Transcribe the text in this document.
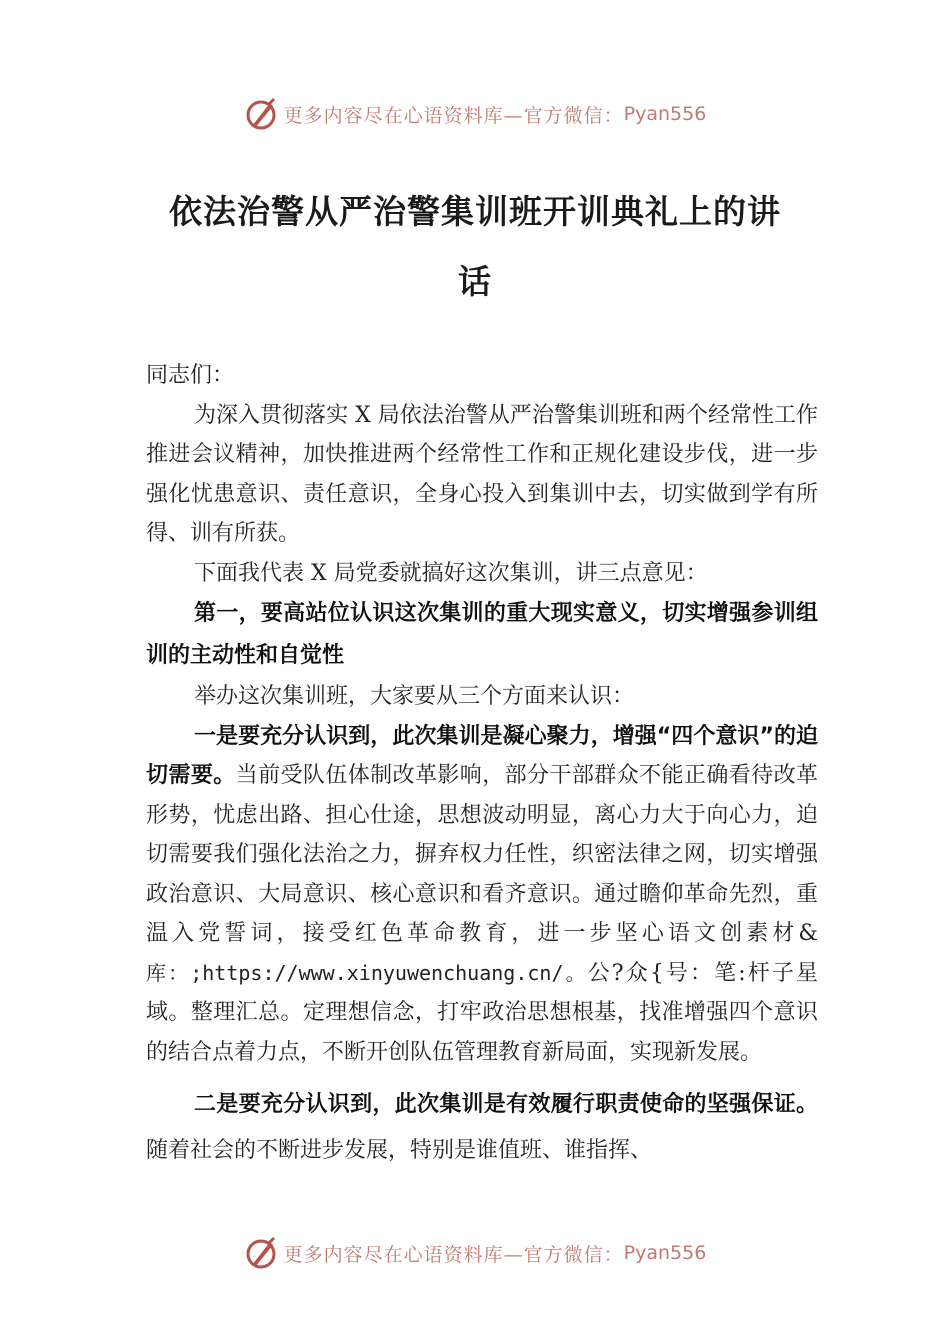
更多内容尽在心语资料库—官方微信： Pyan556
依法治警从严治警集训班开训典礼上的讲
话

同志们：

为深入贯彻落实 X 局依法治警从严治警集训班和两个经常性工作推进会议精神，加快推进两个经常性工作和正规化建设步伐，进一步强化忧患意识、责任意识，全身心投入到集训中去，切实做到学有所得、训有所获。

下面我代表 X 局党委就搞好这次集训，讲三点意见：

第一，要高站位认识这次集训的重大现实意义，切实增强参训组训的主动性和自觉性

举办这次集训班，大家要从三个方面来认识：

一是要充分认识到，此次集训是凝心聚力，增强“四个意识”的迫切需要。当前受队伍体制改革影响，部分干部群众不能正确看待改革形势，忧虑出路、担心仕途，思想波动明显，离心力大于向心力，迫切需要我们强化法治之力，摒弃权力任性，织密法律之网，切实增强政治意识、大局意识、核心意识和看齐意识。通过瞻仰革命先烈，重温入党誓词，接受红色革命教育，进一步坚心语文创素材&库：;https://www.xinyuwenchuang.cn/。公?众{号：笔:杆子星域。整理汇总。定理想信念，打牢政治思想根基，找准增强四个意识的结合点着力点，不断开创队伍管理教育新局面，实现新发展。

二是要充分认识到，此次集训是有效履行职责使命的坚强保证。随着社会的不断进步发展，特别是谁值班、谁指挥、

更多内容尽在心语资料库—官方微信： Pyan556
